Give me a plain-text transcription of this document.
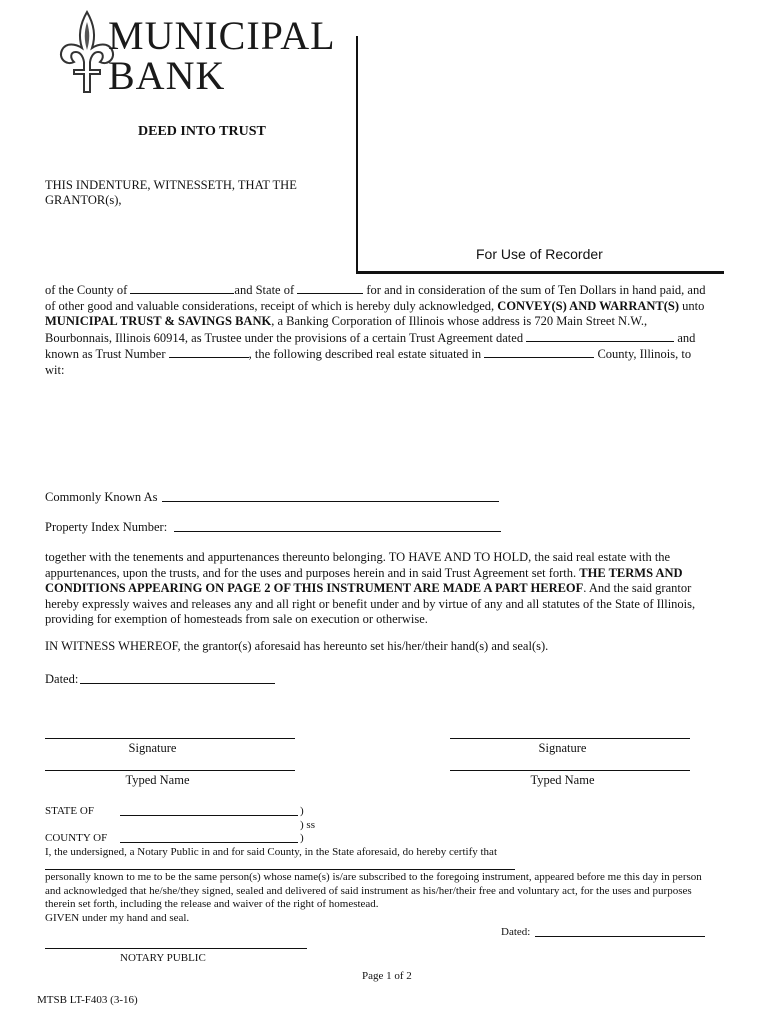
MUNICIPAL
BANK
For Use of Recorder
DEED INTO TRUST
THIS INDENTURE, WITNESSETH, THAT THE
GRANTOR(s),
of the County of	and State of	for and in consideration of the sum of Ten Dollars in hand paid, and
of other good and valuable considerations, receipt of which is hereby duly acknowledged, CONVEY(S) AND WARRANT(S) unto
MUNICIPAL TRUST & SAVINGS BANK, a Banking Corporation of Illinois whose address is 720 Main Street N.W.,
Bourbonnais, Illinois 60914, as Trustee under the provisions of a certain Trust Agreement dated	and
known as Trust Number	, the following described real estate situated in	County, Illinois, to
wit:
Commonly Known As
Property Index Number:
together with the tenements and appurtenances thereunto belonging. TO HAVE AND TO HOLD, the said real estate with the
appurtenances, upon the trusts, and for the uses and purposes herein and in said Trust Agreement set forth. THE TERMS AND
CONDITIONS APPEARING ON PAGE 2 OF THIS INSTRUMENT ARE MADE A PART HEREOF. And the said grantor
hereby expressly waives and releases any and all right or benefit under and by virtue of any and all statutes of the State of Illinois,
providing for exemption of homesteads from sale on execution or otherwise.
IN WITNESS WHEREOF, the grantor(s) aforesaid has hereunto set his/her/their hand(s) and seal(s).
Dated:
Signature	Signature
Typed Name	Typed Name
STATE OF	)
) ss
COUNTY OF	)
I, the undersigned, a Notary Public in and for said County, in the State aforesaid, do hereby certify that
personally known to me to be the same person(s) whose name(s) is/are subscribed to the foregoing instrument, appeared before me this day in person
and acknowledged that he/she/they signed, sealed and delivered of said instrument as his/her/their free and voluntary act, for the uses and purposes
therein set forth, including the release and waiver of the right of homestead.
GIVEN under my hand and seal.
Dated:
NOTARY PUBLIC
Page 1 of 2
MTSB LT-F403 (3-16)
